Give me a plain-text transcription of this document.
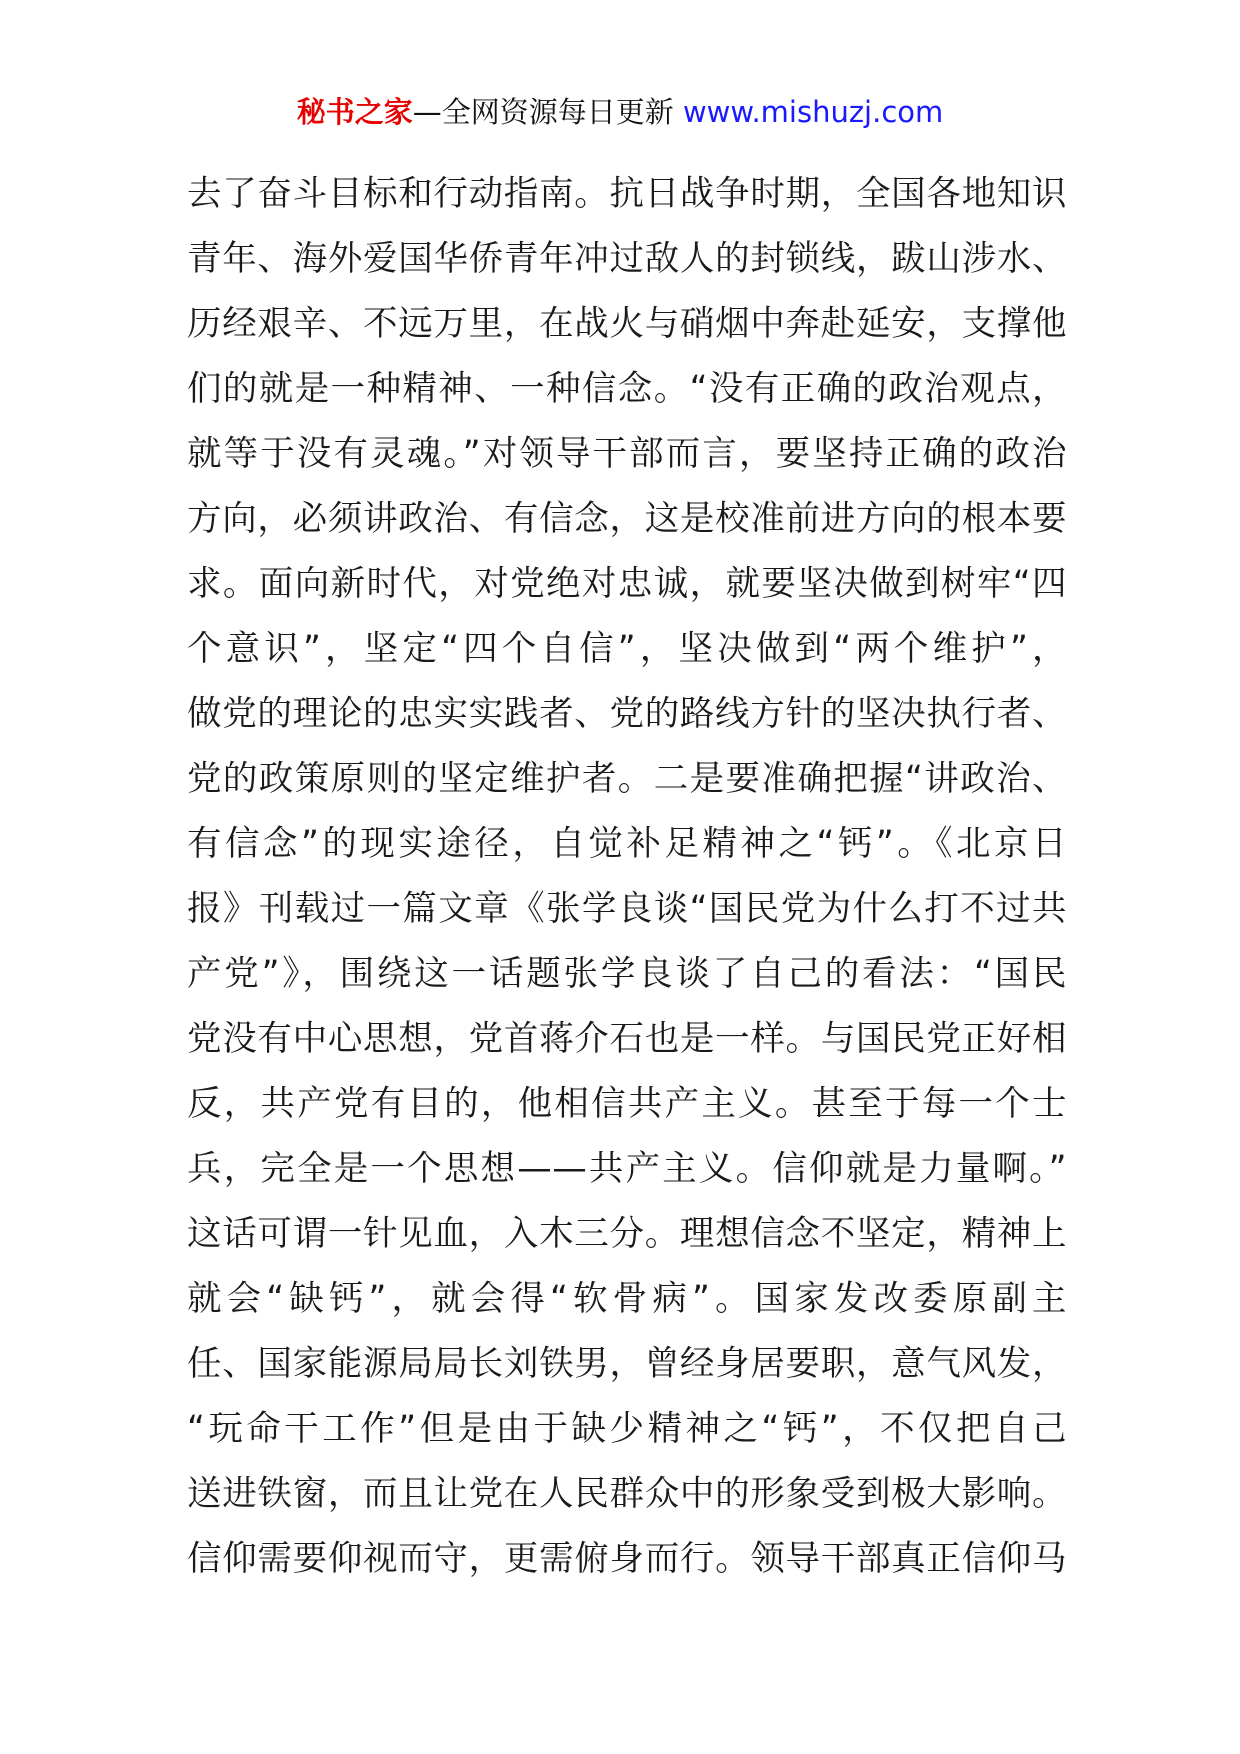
秘书之家—全网资源每日更新 www.mishuzj.com
去了奋斗目标和行动指南。抗日战争时期，全国各地知识
青年、海外爱国华侨青年冲过敌人的封锁线，跋山涉水、
历经艰辛、不远万里，在战火与硝烟中奔赴延安，支撑他
们的就是一种精神、一种信念。“没有正确的政治观点，
就等于没有灵魂。”对领导干部而言，要坚持正确的政治
方向，必须讲政治、有信念，这是校准前进方向的根本要
求。面向新时代，对党绝对忠诚，就要坚决做到树牢“四
个意识”，坚定“四个自信”，坚决做到“两个维护”，
做党的理论的忠实实践者、党的路线方针的坚决执行者、
党的政策原则的坚定维护者。二是要准确把握“讲政治、
有信念”的现实途径，自觉补足精神之“钙”。《北京日
报》刊载过一篇文章《张学良谈“国民党为什么打不过共
产党”》，围绕这一话题张学良谈了自己的看法：“国民
党没有中心思想，党首蒋介石也是一样。与国民党正好相
反，共产党有目的，他相信共产主义。甚至于每一个士
兵，完全是一个思想——共产主义。信仰就是力量啊。”
这话可谓一针见血，入木三分。理想信念不坚定，精神上
就会“缺钙”，就会得“软骨病”。国家发改委原副主
任、国家能源局局长刘铁男，曾经身居要职，意气风发，
“玩命干工作”但是由于缺少精神之“钙”，不仅把自己
送进铁窗，而且让党在人民群众中的形象受到极大影响。
信仰需要仰视而守，更需俯身而行。领导干部真正信仰马
